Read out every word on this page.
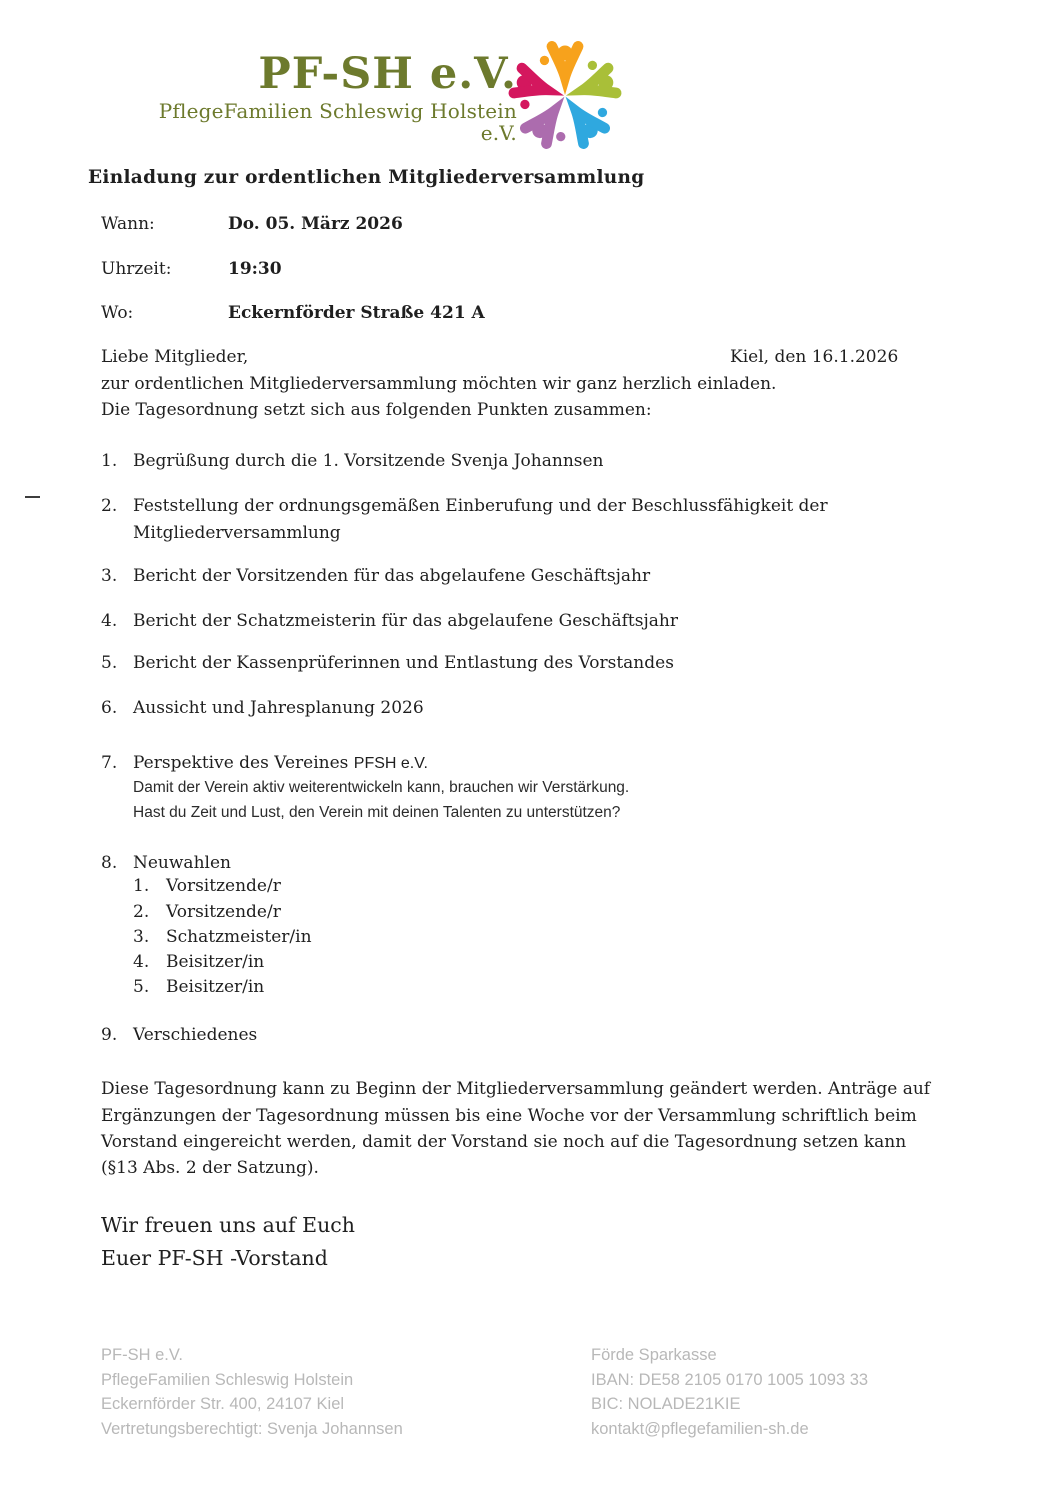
PF-SH e.V.
PflegeFamilien Schleswig Holstein e.V.
Einladung zur ordentlichen Mitgliederversammlung
Wann:	Do. 05. März 2026
Uhrzeit:	19:30
Wo:	Eckernförder Straße 421 A
Liebe Mitglieder,	Kiel, den 16.1.2026
zur ordentlichen Mitgliederversammlung möchten wir ganz herzlich einladen.
Die Tagesordnung setzt sich aus folgenden Punkten zusammen:
1. Begrüßung durch die 1. Vorsitzende Svenja Johannsen
2. Feststellung der ordnungsgemäßen Einberufung und der Beschlussfähigkeit der
Mitgliederversammlung
3. Bericht der Vorsitzenden für das abgelaufene Geschäftsjahr
4. Bericht der Schatzmeisterin für das abgelaufene Geschäftsjahr
5. Bericht der Kassenprüferinnen und Entlastung des Vorstandes
6. Aussicht und Jahresplanung 2026
7. Perspektive des Vereines PFSH e.V.
Damit der Verein aktiv weiterentwickeln kann, brauchen wir Verstärkung.
Hast du Zeit und Lust, den Verein mit deinen Talenten zu unterstützen?
8. Neuwahlen
1. Vorsitzende/r
2. Vorsitzende/r
3. Schatzmeister/in
4. Beisitzer/in
5. Beisitzer/in
9. Verschiedenes
Diese Tagesordnung kann zu Beginn der Mitgliederversammlung geändert werden. Anträge auf
Ergänzungen der Tagesordnung müssen bis eine Woche vor der Versammlung schriftlich beim
Vorstand eingereicht werden, damit der Vorstand sie noch auf die Tagesordnung setzen kann
(§13 Abs. 2 der Satzung).
Wir freuen uns auf Euch
Euer PF-SH -Vorstand
PF-SH e.V.
PflegeFamilien Schleswig Holstein
Eckernförder Str. 400, 24107 Kiel
Vertretungsberechtigt: Svenja Johannsen
Förde Sparkasse
IBAN: DE58 2105 0170 1005 1093 33
BIC: NOLADE21KIE
kontakt@pflegefamilien-sh.de
